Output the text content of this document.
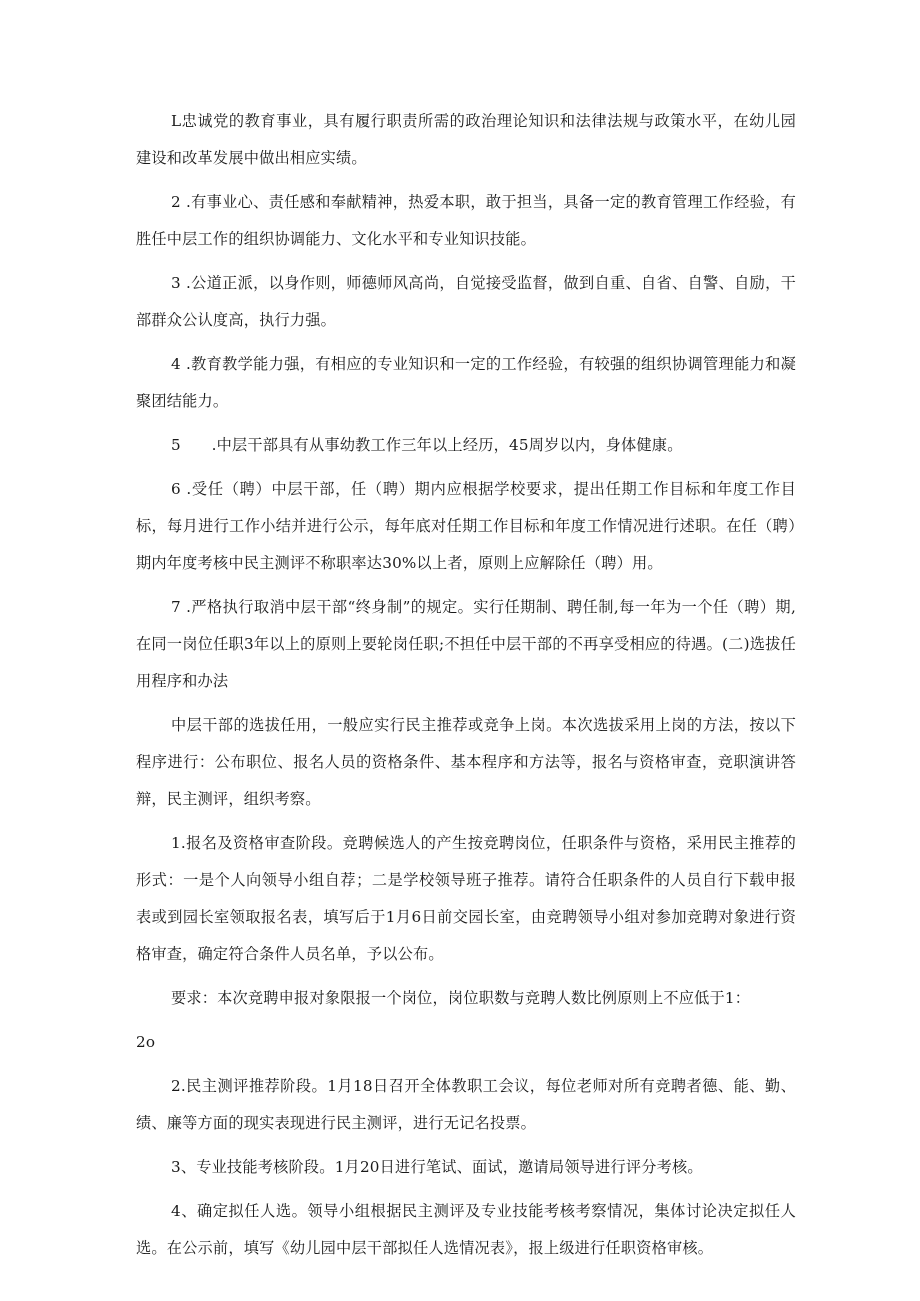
L忠诚党的教育事业，具有履行职责所需的政治理论知识和法律法规与政策水平，在幼儿园建设和改革发展中做出相应实绩。

2 .有事业心、责任感和奉献精神，热爱本职，敢于担当，具备一定的教育管理工作经验，有胜任中层工作的组织协调能力、文化水平和专业知识技能。

3 .公道正派，以身作则，师德师风高尚，自觉接受监督，做到自重、自省、自警、自励，干部群众公认度高，执行力强。

4 .教育教学能力强，有相应的专业知识和一定的工作经验，有较强的组织协调管理能力和凝聚团结能力。

5　　.中层干部具有从事幼教工作三年以上经历，45周岁以内，身体健康。

6 .受任（聘）中层干部，任（聘）期内应根据学校要求，提出任期工作目标和年度工作目标，每月进行工作小结并进行公示，每年底对任期工作目标和年度工作情况进行述职。在任（聘）期内年度考核中民主测评不称职率达30%以上者，原则上应解除任（聘）用。

7 .严格执行取消中层干部“终身制”的规定。实行任期制、聘任制,每一年为一个任（聘）期,在同一岗位任职3年以上的原则上要轮岗任职;不担任中层干部的不再享受相应的待遇。(二)选拔任用程序和办法

中层干部的选拔任用，一般应实行民主推荐或竞争上岗。本次选拔采用上岗的方法，按以下程序进行：公布职位、报名人员的资格条件、基本程序和方法等，报名与资格审查，竞职演讲答辩，民主测评，组织考察。

1.报名及资格审查阶段。竞聘候选人的产生按竞聘岗位，任职条件与资格，采用民主推荐的形式：一是个人向领导小组自荐；二是学校领导班子推荐。请符合任职条件的人员自行下载申报表或到园长室领取报名表，填写后于1月6日前交园长室，由竞聘领导小组对参加竞聘对象进行资格审查，确定符合条件人员名单，予以公布。

要求：本次竞聘申报对象限报一个岗位，岗位职数与竞聘人数比例原则上不应低于1：

2o

2.民主测评推荐阶段。1月18日召开全体教职工会议，每位老师对所有竞聘者德、能、勤、绩、廉等方面的现实表现进行民主测评，进行无记名投票。

3、专业技能考核阶段。1月20日进行笔试、面试，邀请局领导进行评分考核。

4、确定拟任人选。领导小组根据民主测评及专业技能考核考察情况，集体讨论决定拟任人选。在公示前，填写《幼儿园中层干部拟任人选情况表》，报上级进行任职资格审核。
